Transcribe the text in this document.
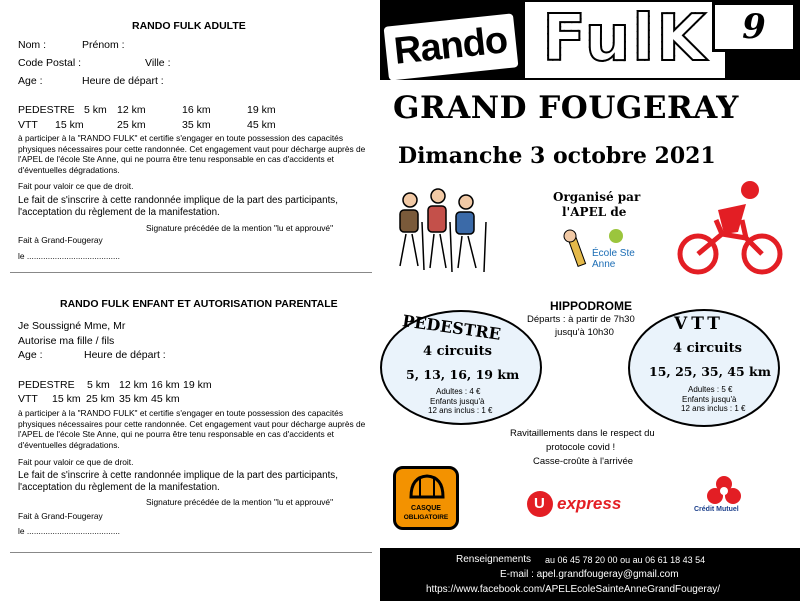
RANDO FULK ADULTE
Nom :	Prénom :
Code Postal :	Ville :
Age :	Heure de départ :
PEDESTRE 5 km 12 km	16 km	19 km
VTT 15 km	25 km	35 km	45 km
à participer à la "RANDO FULK" et certifie s'engager en toute possession des capacités physiques nécessaires pour cette randonnée. Cet engagement vaut pour décharge auprès de l'APEL de l'école Ste Anne, qui ne pourra être tenu responsable en cas d'accidents et d'éventuelles dégradations.
Fait pour valoir ce que de droit.
Le fait de s'inscrire à cette randonnée implique de la part des participants, l'acceptation du règlement de la manifestation.
Signature précédée de la mention "lu et approuvé"
Fait à Grand-Fougeray
le ........................................
RANDO FULK ENFANT ET AUTORISATION PARENTALE
Je Soussigné Mme, Mr
Autorise ma fille / fils
Age :	Heure de départ :
PEDESTRE 5 km 12 km 16 km 19 km
VTT 15 km 25 km 35 km 45 km
à participer à la "RANDO FULK" et certifie s'engager en toute possession des capacités physiques nécessaires pour cette randonnée. Cet engagement vaut pour décharge auprès de l'APEL de l'école Ste Anne, qui ne pourra être tenu responsable en cas d'accidents et d'éventuelles dégradations.
Fait pour valoir ce que de droit.
Le fait de s'inscrire à cette randonnée implique de la part des participants, l'acceptation du règlement de la manifestation.
Signature précédée de la mention "lu et approuvé"
Fait à Grand-Fougeray
le ........................................
Rando FulK	9
GRAND FOUGERAY
Dimanche 3 octobre 2021
Organisé par
l'APEL de
École Ste Anne
HIPPODROME
Départs : à partir de 7h30
jusqu'à 10h30
PEDESTRE
4 circuits
5, 13, 16, 19 km
Adultes : 4 €
Enfants jusqu'à
12 ans inclus : 1 €
VTT
4 circuits
15, 25, 35, 45 km
Adultes : 5 €
Enfants jusqu'à
12 ans inclus : 1 €
Ravitaillements dans le respect du
protocole covid !
Casse-croûte à l'arrivée
CASQUE
OBLIGATOIRE
U express	Crédit Mutuel
Renseignements au 06 45 78 20 00 ou au 06 61 18 43 54
E-mail : apel.grandfougeray@gmail.com
https://www.facebook.com/APELEcoleSainteAnneGrandFougeray/
